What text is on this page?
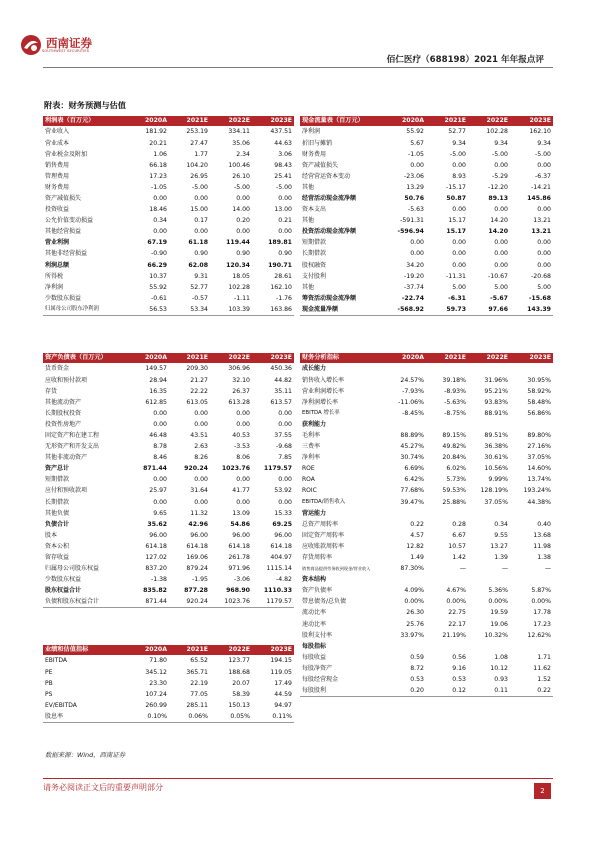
西南证券
SOUTHWEST SECURITIES
佰仁医疗（688198）2021 年年报点评
附表：财务预测与估值
利润表（百万元）	2020A	2021E	2022E	2023E
营业收入	181.92	253.19	334.11	437.51
营业成本	20.21	27.47	35.06	44.63
营业税金及附加	1.06	1.77	2.34	3.06
销售费用	66.18	104.20	100.46	98.43
管理费用	17.23	26.95	26.10	25.41
财务费用	-1.05	-5.00	-5.00	-5.00
资产减值损失	0.00	0.00	0.00	0.00
投资收益	18.46	15.00	14.00	13.00
公允价值变动损益	0.34	0.17	0.20	0.21
其他经营损益	0.00	0.00	0.00	0.00
营业利润	67.19	61.18	119.44	189.81
其他非经营损益	-0.90	0.90	0.90	0.90
利润总额	66.29	62.08	120.34	190.71
所得税	10.37	9.31	18.05	28.61
净利润	55.92	52.77	102.28	162.10
少数股东损益	-0.61	-0.57	-1.11	-1.76
归属母公司股东净利润	56.53	53.34	103.39	163.86
现金流量表（百万元）	2020A	2021E	2022E	2023E
净利润	55.92	52.77	102.28	162.10
折旧与摊销	5.67	9.34	9.34	9.34
财务费用	-1.05	-5.00	-5.00	-5.00
资产减值损失	0.00	0.00	0.00	0.00
经营营运资本变动	-23.06	8.93	-5.29	-6.37
其他	13.29	-15.17	-12.20	-14.21
经营活动现金流净额	50.76	50.87	89.13	145.86
资本支出	-5.63	0.00	0.00	0.00
其他	-591.31	15.17	14.20	13.21
投资活动现金流净额	-596.94	15.17	14.20	13.21
短期借款	0.00	0.00	0.00	0.00
长期借款	0.00	0.00	0.00	0.00
股权融资	34.20	0.00	0.00	0.00
支付股利	-19.20	-11.31	-10.67	-20.68
其他	-37.74	5.00	5.00	5.00
筹资活动现金流净额	-22.74	-6.31	-5.67	-15.68
现金流量净额	-568.92	59.73	97.66	143.39
资产负债表（百万元）	2020A	2021E	2022E	2023E
货币资金	149.57	209.30	306.96	450.36
应收和预付款项	28.94	21.27	32.10	44.82
存货	16.35	22.22	26.37	35.11
其他流动资产	612.85	613.05	613.28	613.57
长期股权投资	0.00	0.00	0.00	0.00
投资性房地产	0.00	0.00	0.00	0.00
固定资产和在建工程	46.48	43.51	40.53	37.55
无形资产和开发支出	8.78	2.63	-3.53	-9.68
其他非流动资产	8.46	8.26	8.06	7.85
资产总计	871.44	920.24	1023.76	1179.57
短期借款	0.00	0.00	0.00	0.00
应付和预收款项	25.97	31.64	41.77	53.92
长期借款	0.00	0.00	0.00	0.00
其他负债	9.65	11.32	13.09	15.33
负债合计	35.62	42.96	54.86	69.25
股本	96.00	96.00	96.00	96.00
资本公积	614.18	614.18	614.18	614.18
留存收益	127.02	169.06	261.78	404.97
归属母公司股东权益	837.20	879.24	971.96	1115.14
少数股东权益	-1.38	-1.95	-3.06	-4.82
股东权益合计	835.82	877.28	968.90	1110.33
负债和股东权益合计	871.44	920.24	1023.76	1179.57
业绩和估值指标	2020A	2021E	2022E	2023E
EBITDA	71.80	65.52	123.77	194.15
PE	345.12	365.71	188.68	119.05
PB	23.30	22.19	20.07	17.49
PS	107.24	77.05	58.39	44.59
EV/EBITDA	260.99	285.11	150.13	94.97
股息率	0.10%	0.06%	0.05%	0.11%
财务分析指标	2020A	2021E	2022E	2023E
成长能力				
销售收入增长率	24.57%	39.18%	31.96%	30.95%
营业利润增长率	-7.93%	-8.93%	95.21%	58.92%
净利润增长率	-11.06%	-5.63%	93.83%	58.48%
EBITDA 增长率	-8.45%	-8.75%	88.91%	56.86%
获利能力				
毛利率	88.89%	89.15%	89.51%	89.80%
三费率	45.27%	49.82%	36.38%	27.16%
净利率	30.74%	20.84%	30.61%	37.05%
ROE	6.69%	6.02%	10.56%	14.60%
ROA	6.42%	5.73%	9.99%	13.74%
ROIC	77.68%	59.53%	128.19%	193.24%
EBITDA/销售收入	39.47%	25.88%	37.05%	44.38%
营运能力				
总资产周转率	0.22	0.28	0.34	0.40
固定资产周转率	4.57	6.67	9.55	13.68
应收账款周转率	12.82	10.57	13.27	11.98
存货周转率	1.49	1.42	1.39	1.38
销售商品提供劳务收到现金/营业收入	87.30%	—	—	—
资本结构				
资产负债率	4.09%	4.67%	5.36%	5.87%
带息债务/总负债	0.00%	0.00%	0.00%	0.00%
流动比率	26.30	22.75	19.59	17.78
速动比率	25.76	22.17	19.06	17.23
股利支付率	33.97%	21.19%	10.32%	12.62%
每股指标				
每股收益	0.59	0.56	1.08	1.71
每股净资产	8.72	9.16	10.12	11.62
每股经营现金	0.53	0.53	0.93	1.52
每股股利	0.20	0.12	0.11	0.22
数据来源：Wind，西南证券
请务必阅读正文后的重要声明部分	2
